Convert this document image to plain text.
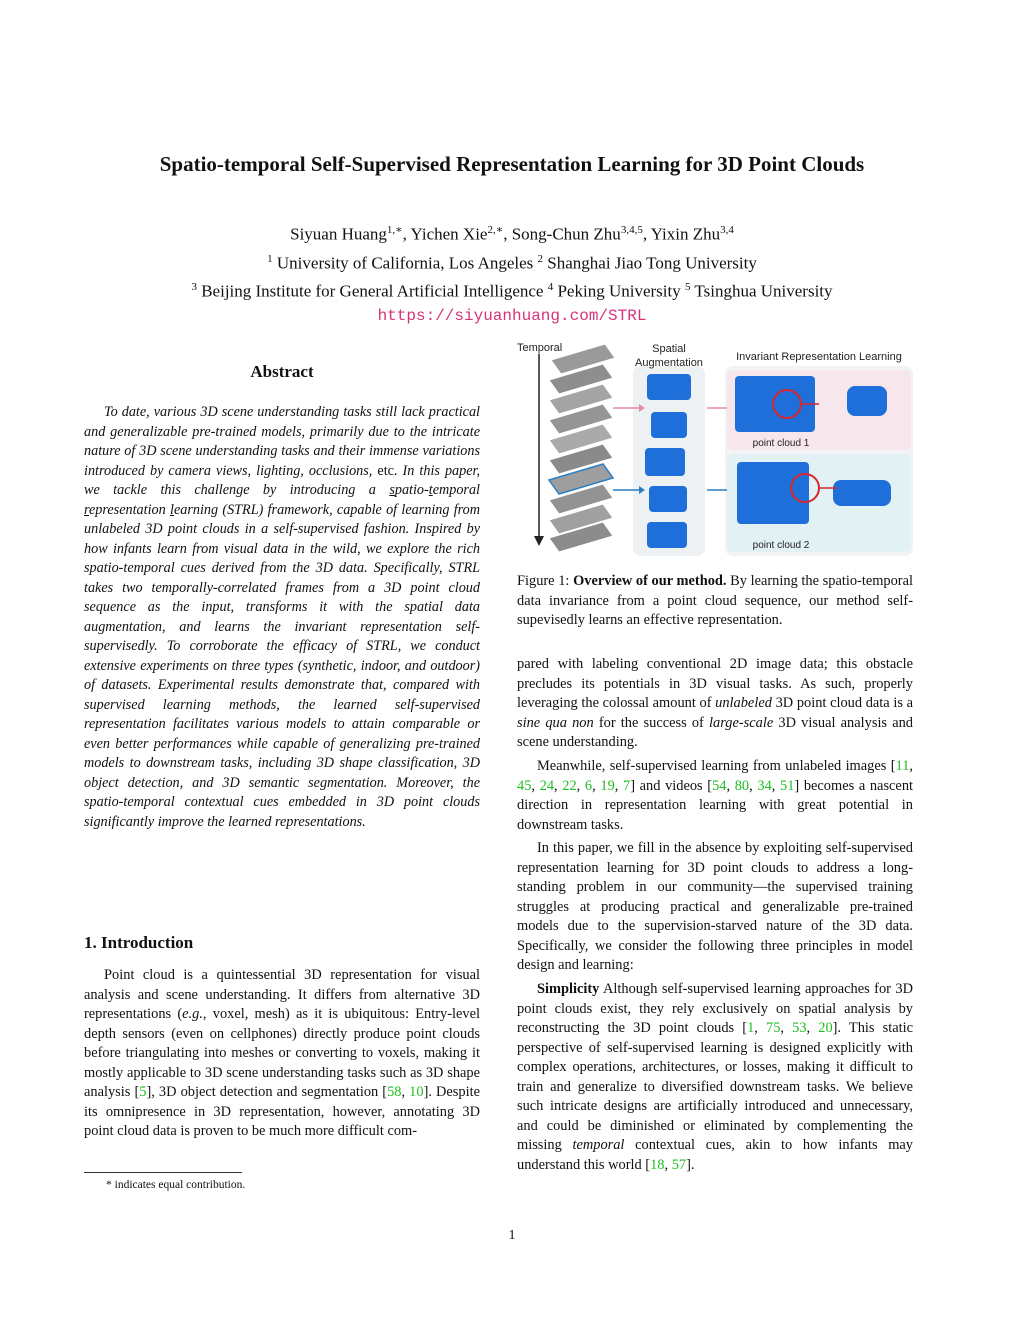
Spatio-temporal Self-Supervised Representation Learning for 3D Point Clouds
Siyuan Huang$^{1,∗}$, Yichen Xie$^{2,∗}$, Song-Chun Zhu$^{3,4,5}$, Yixin Zhu$^{3,4}$
$^1$ University of California, Los Angeles $^2$ Shanghai Jiao Tong University
$^3$ Beijing Institute for General Artificial Intelligence $^4$ Peking University $^5$ Tsinghua University
https://siyuanhuang.com/STRL
Abstract
To date, various 3D scene understanding tasks still lack practical and generalizable pre-trained models, primarily due to the intricate nature of 3D scene understanding tasks and their immense variations introduced by camera views, lighting, occlusions, etc. In this paper, we tackle this challenge by introducing a spatio-temporal representation learning (STRL) framework, capable of learning from unlabeled 3D point clouds in a self-supervised fashion. Inspired by how infants learn from visual data in the wild, we explore the rich spatio-temporal cues derived from the 3D data. Specifically, STRL takes two temporally-correlated frames from a 3D point cloud sequence as the input, transforms it with the spatial data augmentation, and learns the invariant representation self-supervisedly. To corroborate the efficacy of STRL, we conduct extensive experiments on three types (synthetic, indoor, and outdoor) of datasets. Experimental results demonstrate that, compared with supervised learning methods, the learned self-supervised representation facilitates various models to attain comparable or even better performances while capable of generalizing pre-trained models to downstream tasks, including 3D shape classification, 3D object detection, and 3D semantic segmentation. Moreover, the spatio-temporal contextual cues embedded in 3D point clouds significantly improve the learned representations.
1. Introduction
Point cloud is a quintessential 3D representation for visual analysis and scene understanding. It differs from alternative 3D representations (e.g., voxel, mesh) as it is ubiquitous: Entry-level depth sensors (even on cellphones) directly produce point clouds before triangulating into meshes or converting to voxels, making it mostly applicable to 3D scene understanding tasks such as 3D shape analysis [5], 3D object detection and segmentation [58, 10]. Despite its omnipresence in 3D representation, however, annotating 3D point cloud data is proven to be much more difficult com-
* indicates equal contribution.
1
Temporal	Spatial
Augmentation	Invariant Representation Learning
point cloud 1
point cloud 2
Figure 1: Overview of our method. By learning the spatio-temporal data invariance from a point cloud sequence, our method self-supevisedly learns an effective representation.
pared with labeling conventional 2D image data; this obstacle precludes its potentials in 3D visual tasks. As such, properly leveraging the colossal amount of unlabeled 3D point cloud data is a sine qua non for the success of large-scale 3D visual analysis and scene understanding.
Meanwhile, self-supervised learning from unlabeled images [11, 45, 24, 22, 6, 19, 7] and videos [54, 80, 34, 51] becomes a nascent direction in representation learning with great potential in downstream tasks.
In this paper, we fill in the absence by exploiting self-supervised representation learning for 3D point clouds to address a long-standing problem in our community—the supervised training struggles at producing practical and generalizable pre-trained models due to the supervision-starved nature of the 3D data. Specifically, we consider the following three principles in model design and learning:
Simplicity Although self-supervised learning approaches for 3D point clouds exist, they rely exclusively on spatial analysis by reconstructing the 3D point clouds [1, 75, 53, 20]. This static perspective of self-supervised learning is designed explicitly with complex operations, architectures, or losses, making it difficult to train and generalize to diversified downstream tasks. We believe such intricate designs are artificially introduced and unnecessary, and could be diminished or eliminated by complementing the missing temporal contextual cues, akin to how infants may understand this world [18, 57].
